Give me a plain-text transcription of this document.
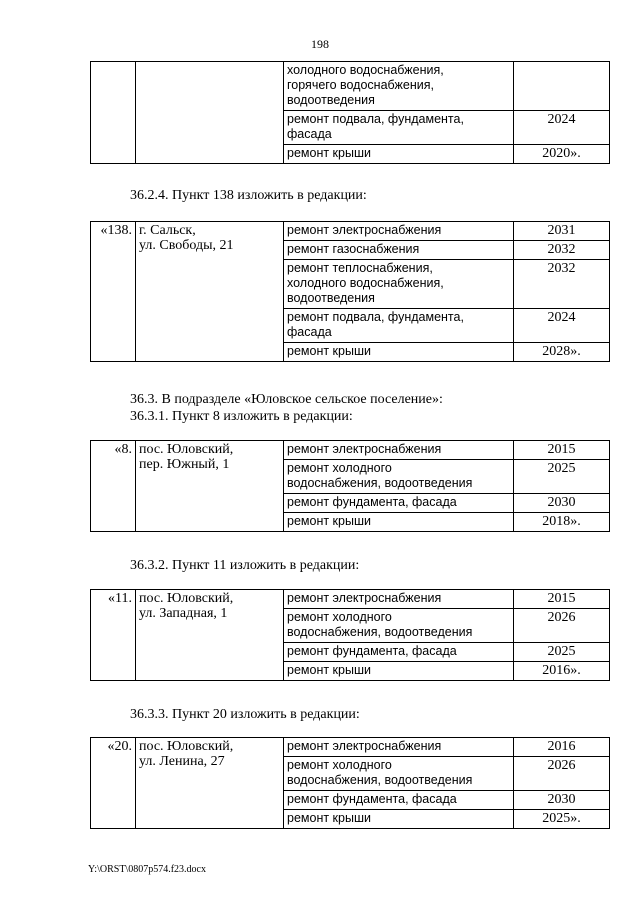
198

		холодного водоснабжения,
горячего водоснабжения,
водоотведения	

		ремонт подвала, фундамента,
фасада	2024

		ремонт крыши	2020».
36.2.4. Пункт 138 изложить в редакции:
«138.	г. Сальск,
ул. Свободы, 21	ремонт электроснабжения	2031

		ремонт газоснабжения	2032

		ремонт теплоснабжения,
холодного водоснабжения,
водоотведения	2032

		ремонт подвала, фундамента,
фасада	2024

		ремонт крыши	2028».
36.3. В подразделе «Юловское сельское поселение»:
36.3.1. Пункт 8 изложить в редакции:
«8.	пос. Юловский,
пер. Южный, 1	ремонт электроснабжения	2015

		ремонт холодного
водоснабжения, водоотведения	2025

		ремонт фундамента, фасада	2030

		ремонт крыши	2018».
36.3.2. Пункт 11 изложить в редакции:
«11.	пос. Юловский,
ул. Западная, 1	ремонт электроснабжения	2015

		ремонт холодного
водоснабжения, водоотведения	2026

		ремонт фундамента, фасада	2025

		ремонт крыши	2016».
36.3.3. Пункт 20 изложить в редакции:
«20.	пос. Юловский,
ул. Ленина, 27	ремонт электроснабжения	2016

		ремонт холодного
водоснабжения, водоотведения	2026

		ремонт фундамента, фасада	2030

		ремонт крыши	2025».
Y:\ORST\0807p574.f23.docx
